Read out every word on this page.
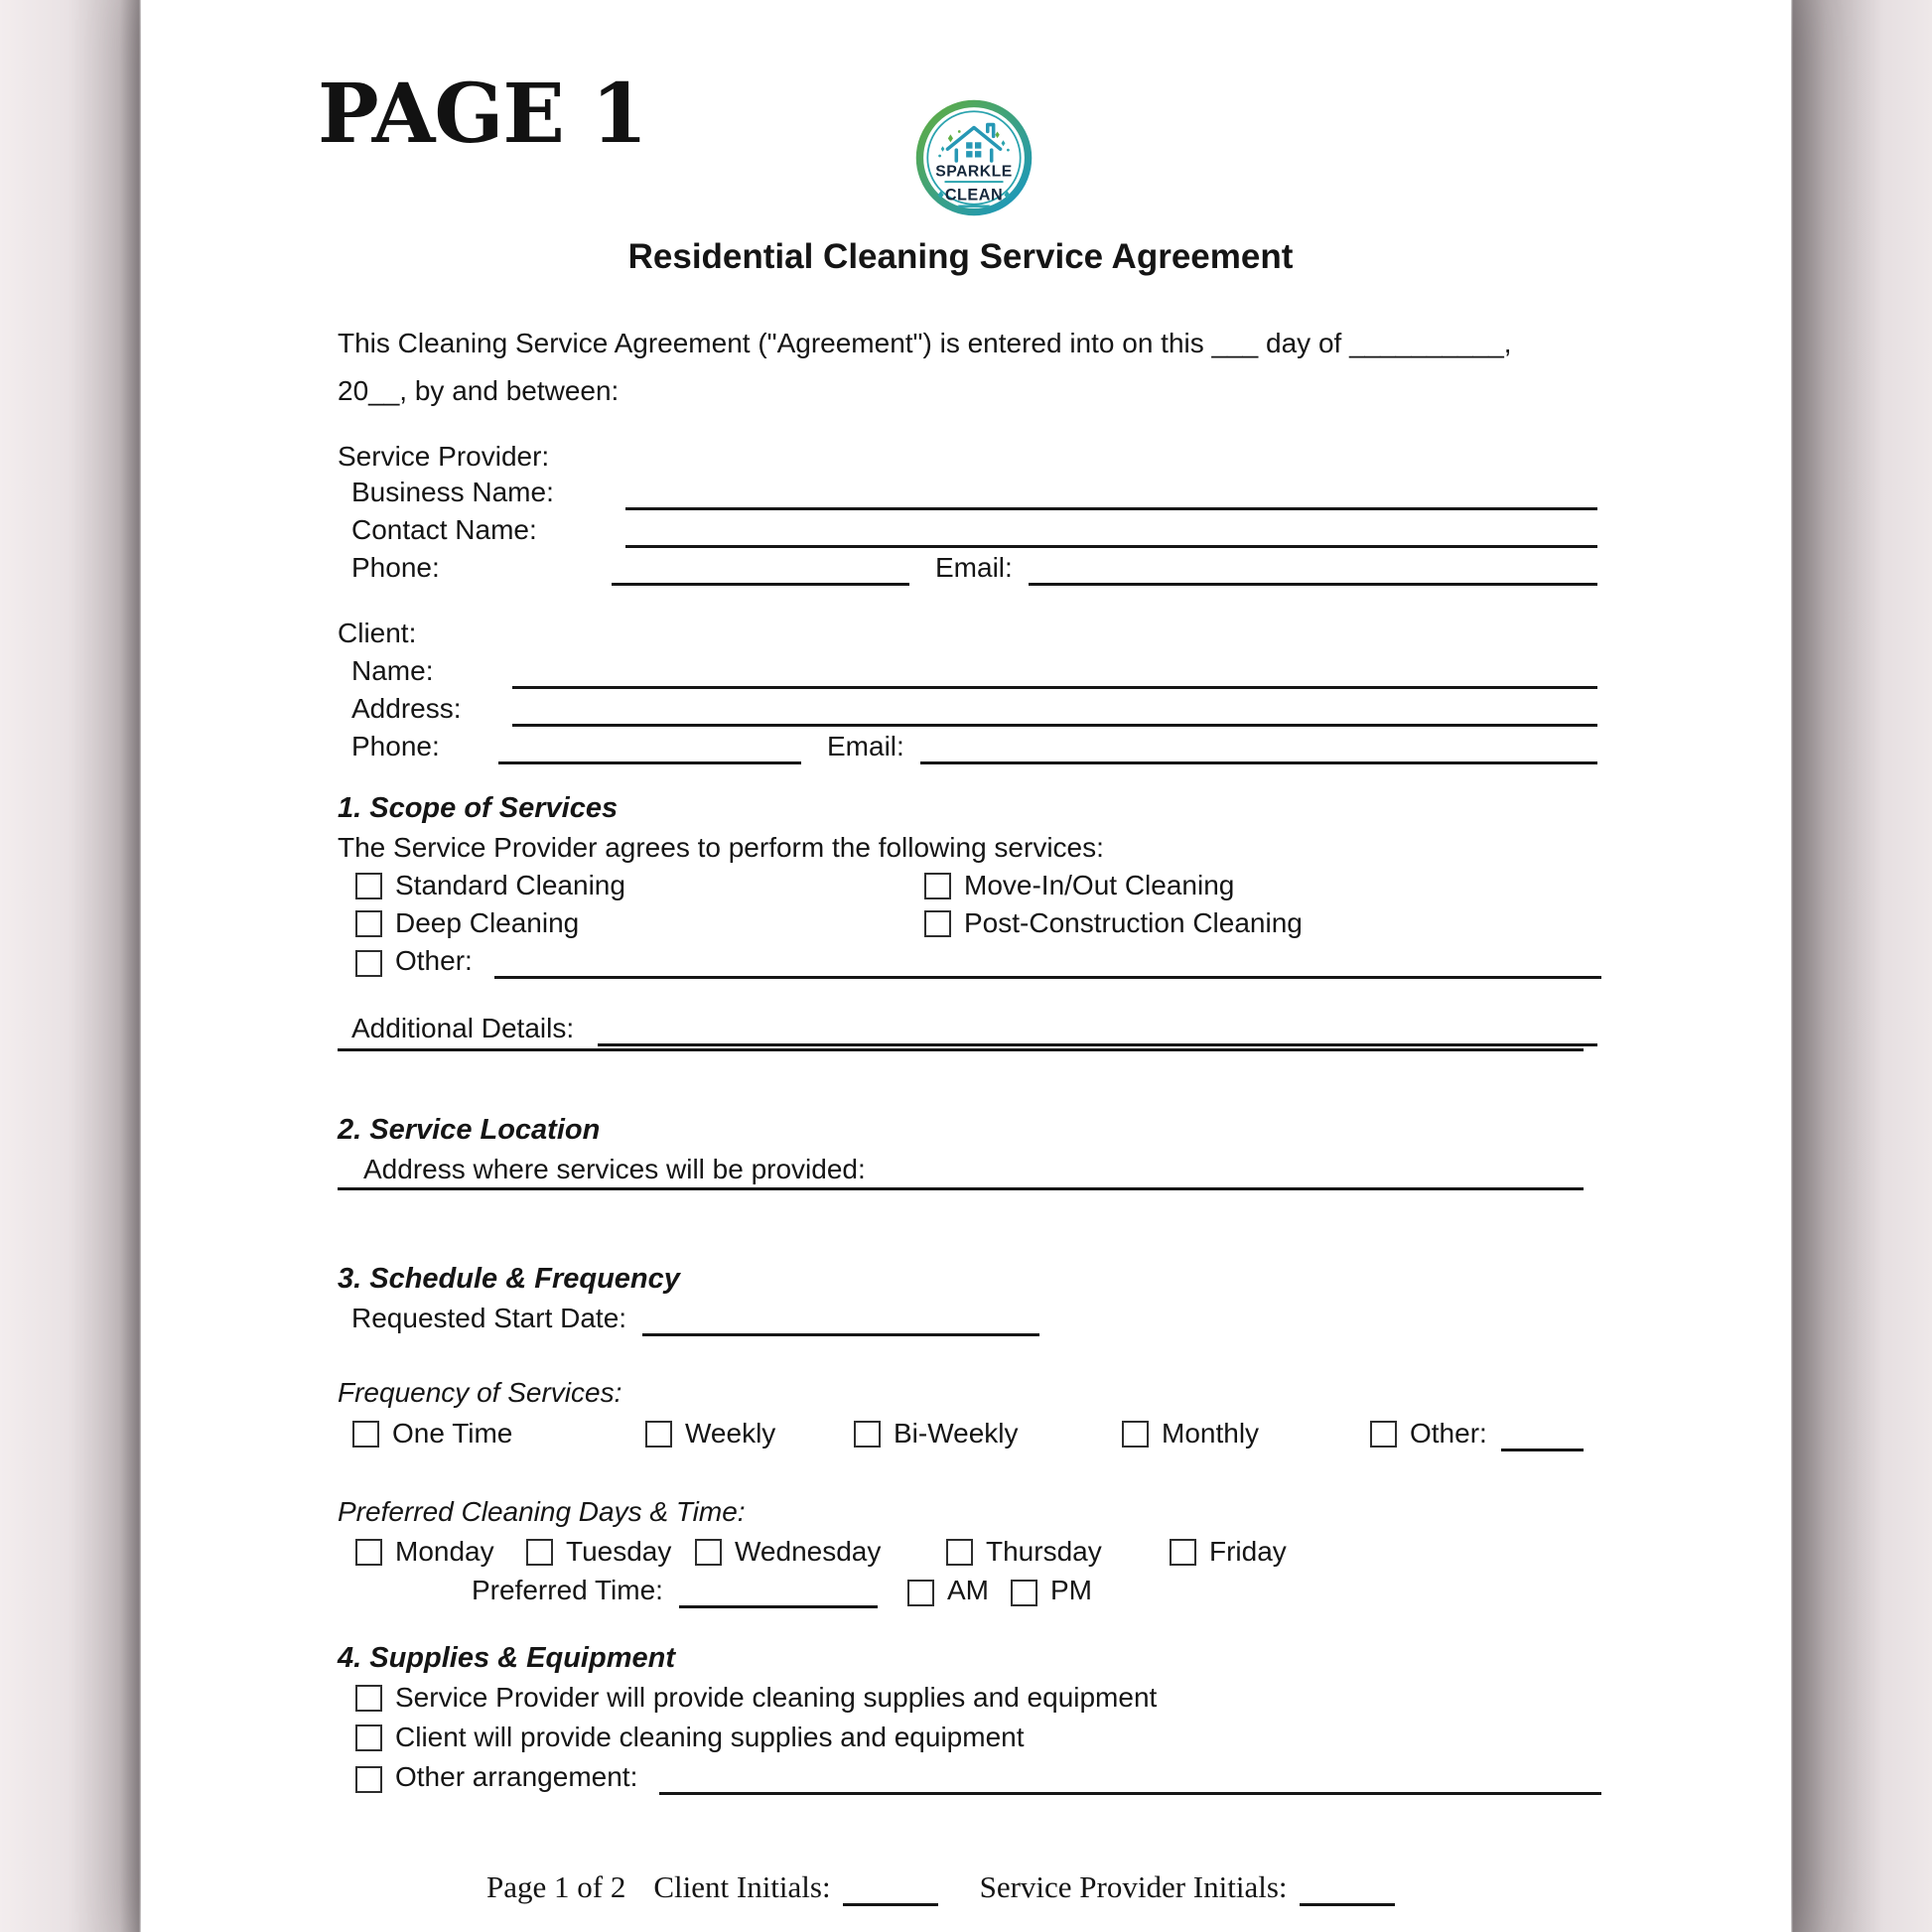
PAGE 1
SPARKLE
CLEAN
Residential Cleaning Service Agreement
This Cleaning Service Agreement ("Agreement") is entered into on this ___ day of __________,
20__, by and between:
Service Provider:
Business Name:
Contact Name:
Phone:	Email:
Client:
Name:
Address:
Phone:	Email:
1. Scope of Services
The Service Provider agrees to perform the following services:
Standard Cleaning	Move-In/Out Cleaning
Deep Cleaning	Post-Construction Cleaning
Other:
Additional Details:
2. Service Location
Address where services will be provided:
3. Schedule & Frequency
Requested Start Date:
Frequency of Services:
One Time	Weekly	Bi-Weekly	Monthly	Other:
Preferred Cleaning Days & Time:
Monday	Tuesday Wednesday	Thursday	Friday
Preferred Time:	AM PM
4. Supplies & Equipment
Service Provider will provide cleaning supplies and equipment
Client will provide cleaning supplies and equipment
Other arrangement:
Page 1 of 2 Client Initials:	Service Provider Initials:
